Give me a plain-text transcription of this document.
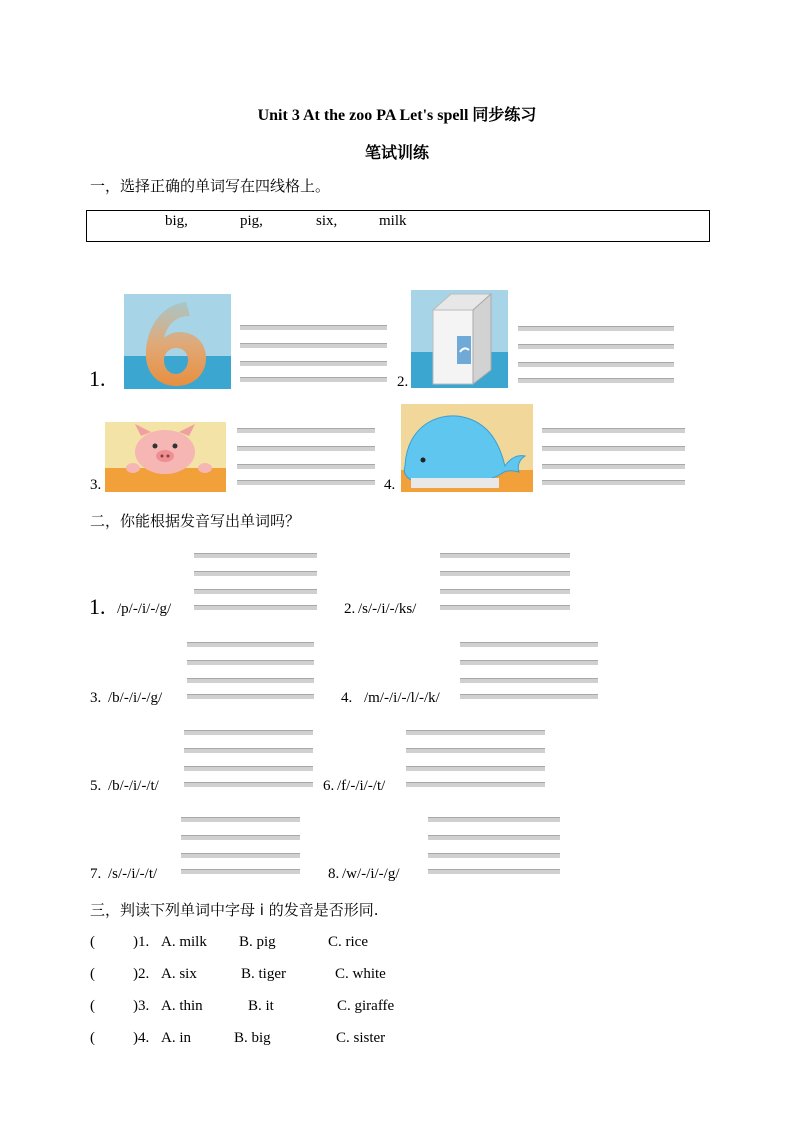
Unit 3 At the zoo PA Let's spell 同步练习
笔试训练
一，选择正确的单词写在四线格上。
big,	pig,	six,	milk
1.	2.
3.	4.
二，你能根据发音写出单词吗？
1. /p/-/i/-/g/	2. /s/-/i/-/ks/
3. /b/-/i/-/g/	4. /m/-/i/-/l/-/k/
5. /b/-/i/-/t/	6. /f/-/i/-/t/
7. /s/-/i/-/t/	8. /w/-/i/-/g/
三，判读下列单词中字母 i 的发音是否形同.
(	)1. A. milk B. pig	C. rice
(	)2. A. six	B. tiger	C. white
(	)3. A. thin	B. it	C. giraffe
(	)4. A. in	B. big	C. sister
